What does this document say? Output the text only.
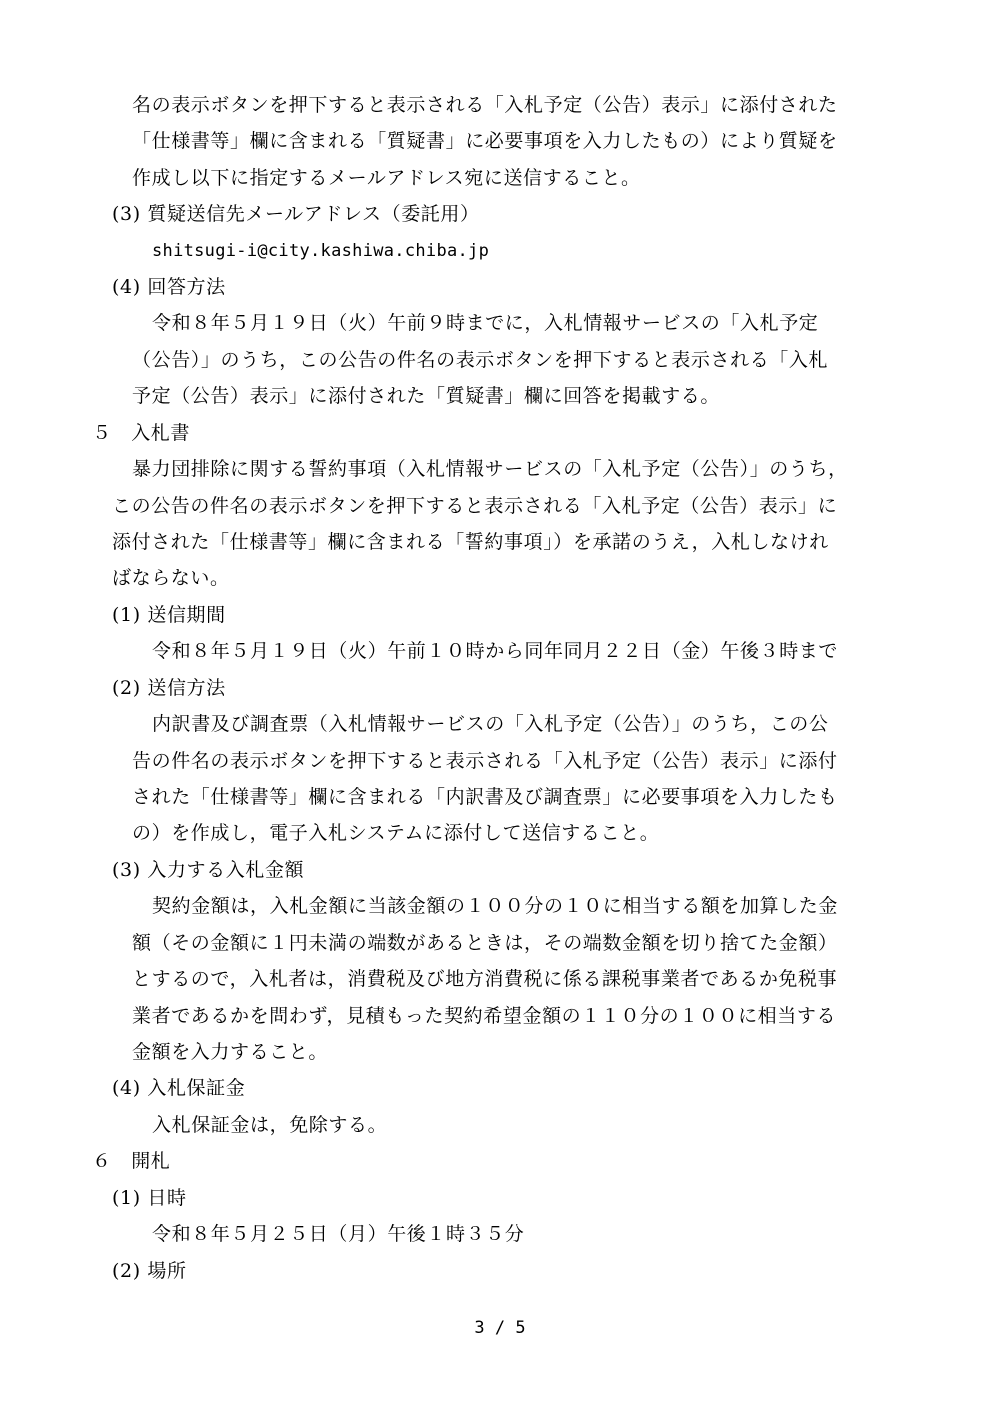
名の表示ボタンを押下すると表示される「入札予定（公告）表示」に添付された
「仕様書等」欄に含まれる「質疑書」に必要事項を入力したもの）により質疑を
作成し以下に指定するメールアドレス宛に送信すること。
(3) 質疑送信先メールアドレス（委託用）
shitsugi-i@city.kashiwa.chiba.jp
(4) 回答方法
令和８年５月１９日（火）午前９時までに，入札情報サービスの「入札予定
（公告）」のうち，この公告の件名の表示ボタンを押下すると表示される「入札
予定（公告）表示」に添付された「質疑書」欄に回答を掲載する。
５　入札書
暴力団排除に関する誓約事項（入札情報サービスの「入札予定（公告）」のうち，
この公告の件名の表示ボタンを押下すると表示される「入札予定（公告）表示」に
添付された「仕様書等」欄に含まれる「誓約事項」）を承諾のうえ，入札しなけれ
ばならない。
(1) 送信期間
令和８年５月１９日（火）午前１０時から同年同月２２日（金）午後３時まで
(2) 送信方法
内訳書及び調査票（入札情報サービスの「入札予定（公告）」のうち，この公
告の件名の表示ボタンを押下すると表示される「入札予定（公告）表示」に添付
された「仕様書等」欄に含まれる「内訳書及び調査票」に必要事項を入力したも
の）を作成し，電子入札システムに添付して送信すること。
(3) 入力する入札金額
契約金額は，入札金額に当該金額の１００分の１０に相当する額を加算した金
額（その金額に１円未満の端数があるときは，その端数金額を切り捨てた金額）
とするので，入札者は，消費税及び地方消費税に係る課税事業者であるか免税事
業者であるかを問わず，見積もった契約希望金額の１１０分の１００に相当する
金額を入力すること。
(4) 入札保証金
入札保証金は，免除する。
６　開札
(1) 日時
令和８年５月２５日（月）午後１時３５分
(2) 場所
3 / 5
